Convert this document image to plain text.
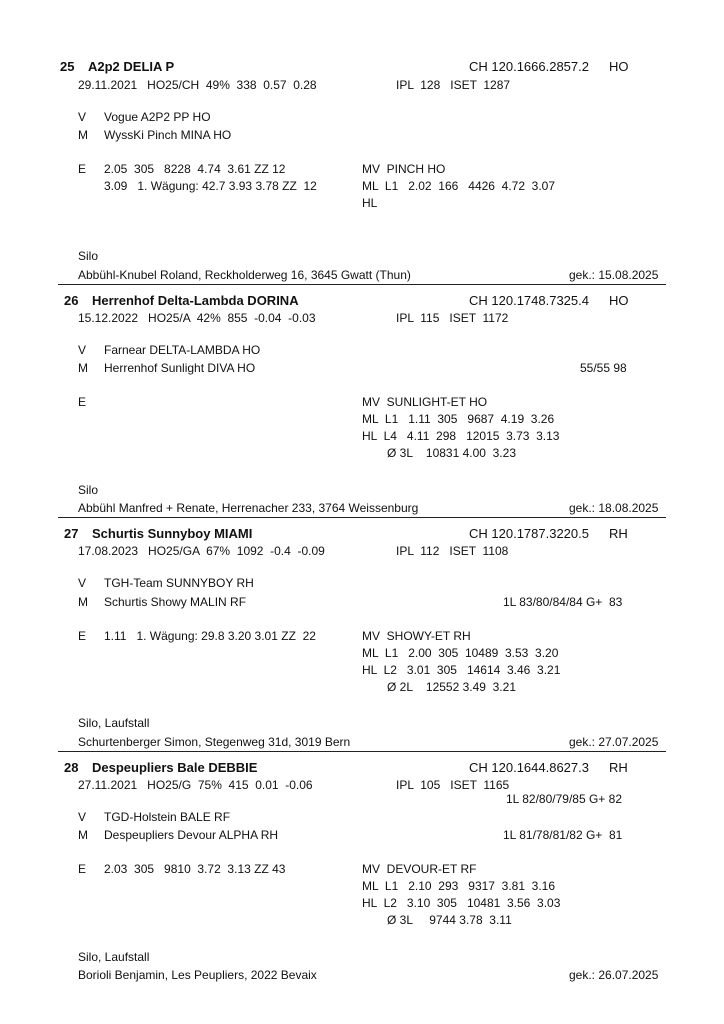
25 A2p2 DELIA P	CH 120.1666.2857.2 HO
29.11.2021   HO25/CH  49%  338  0.57  0.28	IPL  128   ISET  1287
V Vogue A2P2 PP HO
M WyssKi Pinch MINA HO
E 2.05  305   8228  4.74  3.61 ZZ 12
3.09   1. Wägung: 42.7 3.93 3.78 ZZ  12
MV  PINCH HO
ML  L1   2.02  166   4426  4.72  3.07
HL
Silo
Abbühl-Knubel Roland, Reckholderweg 16, 3645 Gwatt (Thun)	gek.: 15.08.2025
26 Herrenhof Delta-Lambda DORINA	CH 120.1748.7325.4 HO
15.12.2022   HO25/A  42%  855  -0.04  -0.03	IPL  115   ISET  1172
V Farnear DELTA-LAMBDA HO
M Herrenhof Sunlight DIVA HO	55/55 98
E	MV  SUNLIGHT-ET HO
ML  L1   1.11  305   9687  4.19  3.26
HL  L4   4.11  298   12015  3.73  3.13
Ø 3L    10831 4.00  3.23
Silo
Abbühl Manfred + Renate, Herrenacher 233, 3764 Weissenburg	gek.: 18.08.2025
27 Schurtis Sunnyboy MIAMI	CH 120.1787.3220.5 RH
17.08.2023   HO25/GA  67%  1092  -0.4  -0.09	IPL  112   ISET  1108
V TGH-Team SUNNYBOY RH
M Schurtis Showy MALIN RF	1L 83/80/84/84 G+  83
E 1.11   1. Wägung: 29.8 3.20 3.01 ZZ  22	MV  SHOWY-ET RH
ML  L1   2.00  305  10489  3.53  3.20
HL  L2   3.01  305   14614  3.46  3.21
Ø 2L    12552 3.49  3.21
Silo, Laufstall
Schurtenberger Simon, Stegenweg 31d, 3019 Bern	gek.: 27.07.2025
28 Despeupliers Bale DEBBIE	CH 120.1644.8627.3 RH
27.11.2021   HO25/G  75%  415  0.01  -0.06	IPL  105   ISET  1165
1L 82/80/79/85 G+ 82
V TGD-Holstein BALE RF
M Despeupliers Devour ALPHA RH	1L 81/78/81/82 G+  81
E 2.03  305   9810  3.72  3.13 ZZ 43	MV  DEVOUR-ET RF
ML  L1   2.10  293   9317  3.81  3.16
HL  L2   3.10  305   10481  3.56  3.03
Ø 3L     9744 3.78  3.11
Silo, Laufstall
Borioli Benjamin, Les Peupliers, 2022 Bevaix	gek.: 26.07.2025
